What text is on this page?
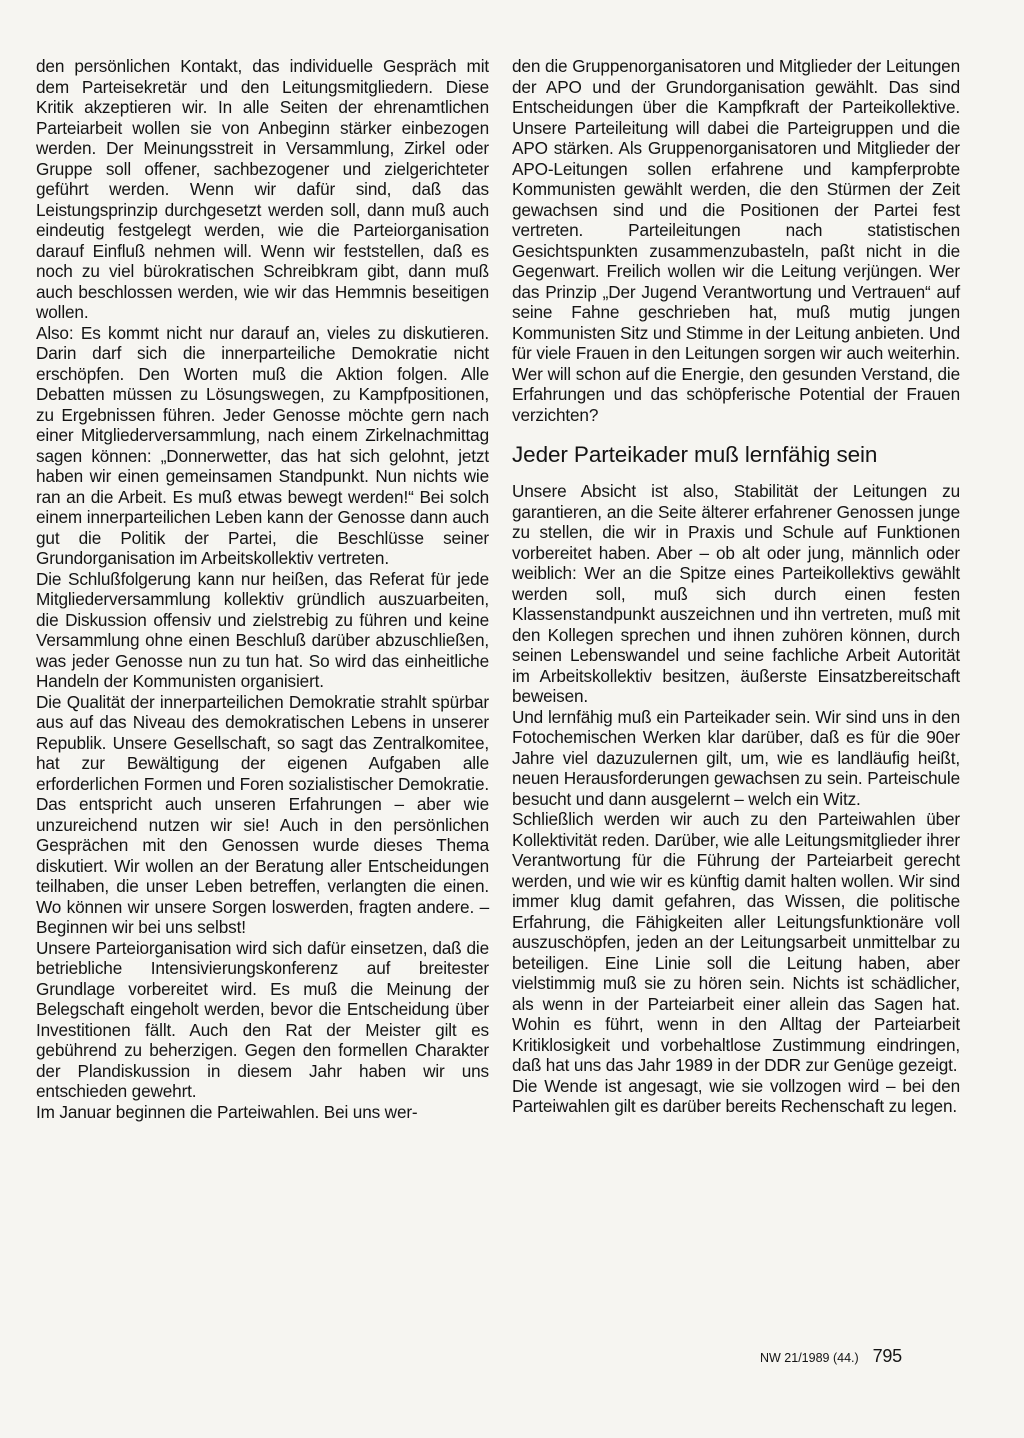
den persönlichen Kontakt, das individuelle Gespräch mit dem Parteisekretär und den Leitungsmitgliedern. Diese Kritik akzeptieren wir. In alle Seiten der ehrenamtlichen Parteiarbeit wollen sie von Anbeginn stärker einbezogen werden. Der Meinungsstreit in Versammlung, Zirkel oder Gruppe soll offener, sachbezogener und zielgerichteter geführt werden. Wenn wir dafür sind, daß das Leistungsprinzip durchgesetzt werden soll, dann muß auch eindeutig festgelegt werden, wie die Parteiorganisation darauf Einfluß nehmen will. Wenn wir feststellen, daß es noch zu viel bürokratischen Schreibkram gibt, dann muß auch beschlossen werden, wie wir das Hemmnis beseitigen wollen.

Also: Es kommt nicht nur darauf an, vieles zu diskutieren. Darin darf sich die innerparteiliche Demokratie nicht erschöpfen. Den Worten muß die Aktion folgen. Alle Debatten müssen zu Lösungswegen, zu Kampfpositionen, zu Ergebnissen führen. Jeder Genosse möchte gern nach einer Mitgliederversammlung, nach einem Zirkelnachmittag sagen können: „Donnerwetter, das hat sich gelohnt, jetzt haben wir einen gemeinsamen Standpunkt. Nun nichts wie ran an die Arbeit. Es muß etwas bewegt werden!“ Bei solch einem innerparteilichen Leben kann der Genosse dann auch gut die Politik der Partei, die Beschlüsse seiner Grundorganisation im Arbeitskollektiv vertreten.

Die Schlußfolgerung kann nur heißen, das Referat für jede Mitgliederversammlung kollektiv gründlich auszuarbeiten, die Diskussion offensiv und zielstrebig zu führen und keine Versammlung ohne einen Beschluß darüber abzuschließen, was jeder Genosse nun zu tun hat. So wird das einheitliche Handeln der Kommunisten organisiert.

Die Qualität der innerparteilichen Demokratie strahlt spürbar aus auf das Niveau des demokratischen Lebens in unserer Republik. Unsere Gesellschaft, so sagt das Zentralkomitee, hat zur Bewältigung der eigenen Aufgaben alle erforderlichen Formen und Foren sozialistischer Demokratie. Das entspricht auch unseren Erfahrungen – aber wie unzureichend nutzen wir sie! Auch in den persönlichen Gesprächen mit den Genossen wurde dieses Thema diskutiert. Wir wollen an der Beratung aller Entscheidungen teilhaben, die unser Leben betreffen, verlangten die einen. Wo können wir unsere Sorgen loswerden, fragten andere. – Beginnen wir bei uns selbst!

Unsere Parteiorganisation wird sich dafür einsetzen, daß die betriebliche Intensivierungskonferenz auf breitester Grundlage vorbereitet wird. Es muß die Meinung der Belegschaft eingeholt werden, bevor die Entscheidung über Investitionen fällt. Auch den Rat der Meister gilt es gebührend zu beherzigen. Gegen den formellen Charakter der Plandiskussion in diesem Jahr haben wir uns entschieden gewehrt.

Im Januar beginnen die Parteiwahlen. Bei uns wer-

den die Gruppenorganisatoren und Mitglieder der Leitungen der APO und der Grundorganisation gewählt. Das sind Entscheidungen über die Kampfkraft der Parteikollektive. Unsere Parteileitung will dabei die Parteigruppen und die APO stärken. Als Gruppenorganisatoren und Mitglieder der APO-Leitungen sollen erfahrene und kampferprobte Kommunisten gewählt werden, die den Stürmen der Zeit gewachsen sind und die Positionen der Partei fest vertreten. Parteileitungen nach statistischen Gesichtspunkten zusammenzubasteln, paßt nicht in die Gegenwart. Freilich wollen wir die Leitung verjüngen. Wer das Prinzip „Der Jugend Verantwortung und Vertrauen“ auf seine Fahne geschrieben hat, muß mutig jungen Kommunisten Sitz und Stimme in der Leitung anbieten. Und für viele Frauen in den Leitungen sorgen wir auch weiterhin. Wer will schon auf die Energie, den gesunden Verstand, die Erfahrungen und das schöpferische Potential der Frauen verzichten?

Jeder Parteikader muß lernfähig sein

Unsere Absicht ist also, Stabilität der Leitungen zu garantieren, an die Seite älterer erfahrener Genossen junge zu stellen, die wir in Praxis und Schule auf Funktionen vorbereitet haben. Aber – ob alt oder jung, männlich oder weiblich: Wer an die Spitze eines Parteikollektivs gewählt werden soll, muß sich durch einen festen Klassenstandpunkt auszeichnen und ihn vertreten, muß mit den Kollegen sprechen und ihnen zuhören können, durch seinen Lebenswandel und seine fachliche Arbeit Autorität im Arbeitskollektiv besitzen, äußerste Einsatzbereitschaft beweisen.

Und lernfähig muß ein Parteikader sein. Wir sind uns in den Fotochemischen Werken klar darüber, daß es für die 90er Jahre viel dazuzulernen gilt, um, wie es landläufig heißt, neuen Herausforderungen gewachsen zu sein. Parteischule besucht und dann ausgelernt – welch ein Witz.

Schließlich werden wir auch zu den Parteiwahlen über Kollektivität reden. Darüber, wie alle Leitungsmitglieder ihrer Verantwortung für die Führung der Parteiarbeit gerecht werden, und wie wir es künftig damit halten wollen. Wir sind immer klug damit gefahren, das Wissen, die politische Erfahrung, die Fähigkeiten aller Leitungsfunktionäre voll auszuschöpfen, jeden an der Leitungsarbeit unmittelbar zu beteiligen. Eine Linie soll die Leitung haben, aber vielstimmig muß sie zu hören sein. Nichts ist schädlicher, als wenn in der Parteiarbeit einer allein das Sagen hat. Wohin es führt, wenn in den Alltag der Parteiarbeit Kritiklosigkeit und vorbehaltlose Zustimmung eindringen, daß hat uns das Jahr 1989 in der DDR zur Genüge gezeigt.

Die Wende ist angesagt, wie sie vollzogen wird – bei den Parteiwahlen gilt es darüber bereits Rechenschaft zu legen.

NW 21/1989 (44.) 795
